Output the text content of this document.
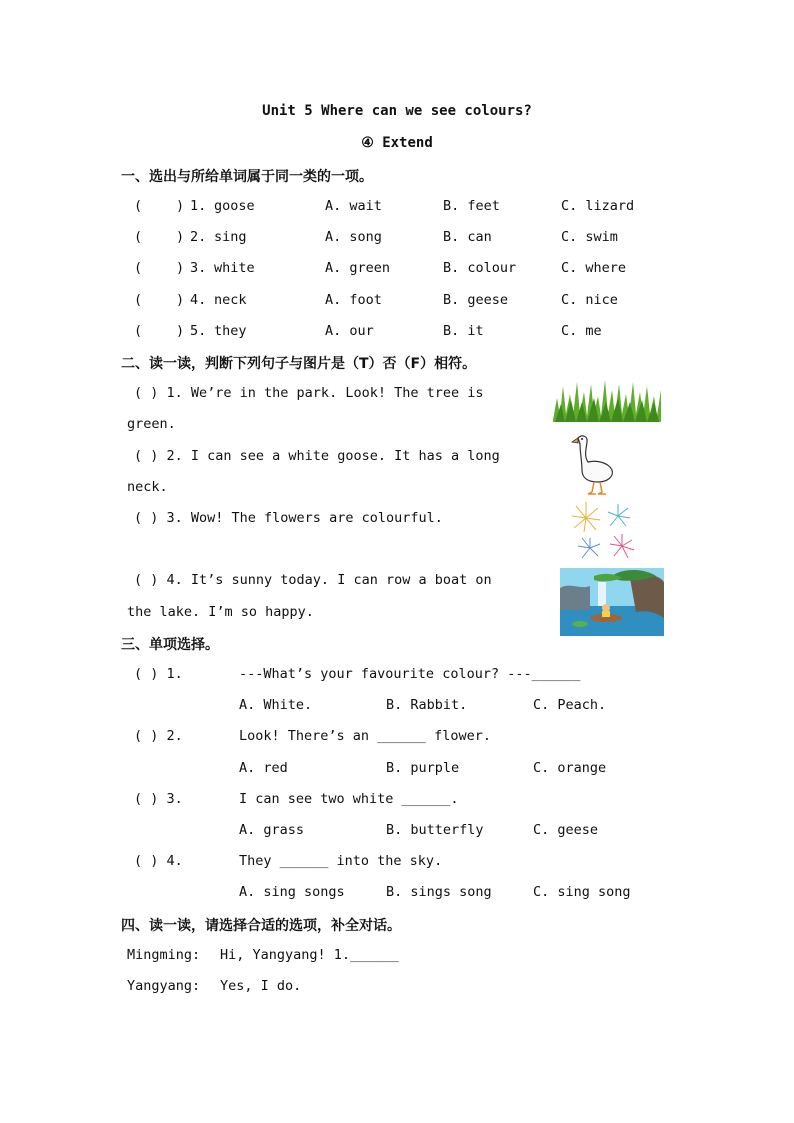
Unit 5 Where can we see colours?
④ Extend
一、选出与所给单词属于同一类的一项。
(	) 1. goose	A. wait	B. feet	C. lizard
(	) 2. sing	A. song	B. can	C. swim
(	) 3. white	A. green	B. colour	C. where
(	) 4. neck	A. foot	B. geese	C. nice
(	) 5. they	A. our	B. it	C. me
二、读一读，判断下列句子与图片是（T）否（F）相符。
( ) 1. We’re in the park. Look! The tree is
green.
( ) 2. I can see a white goose. It has a long
neck.
( ) 3. Wow! The flowers are colourful.
( ) 4. It’s sunny today. I can row a boat on
the lake. I’m so happy.
三、单项选择。
( ) 1.	---What’s your favourite colour? ---______
A. White.	B. Rabbit.	C. Peach.
( ) 2.	Look! There’s an ______ flower.
A. red	B. purple	C. orange
( ) 3.	I can see two white ______.
A. grass	B. butterfly	C. geese
( ) 4.	They ______ into the sky.
A. sing songs	B. sings song	C. sing song
四、读一读，请选择合适的选项，补全对话。
Mingming: Hi, Yangyang! 1.______
Yangyang: Yes, I do.
